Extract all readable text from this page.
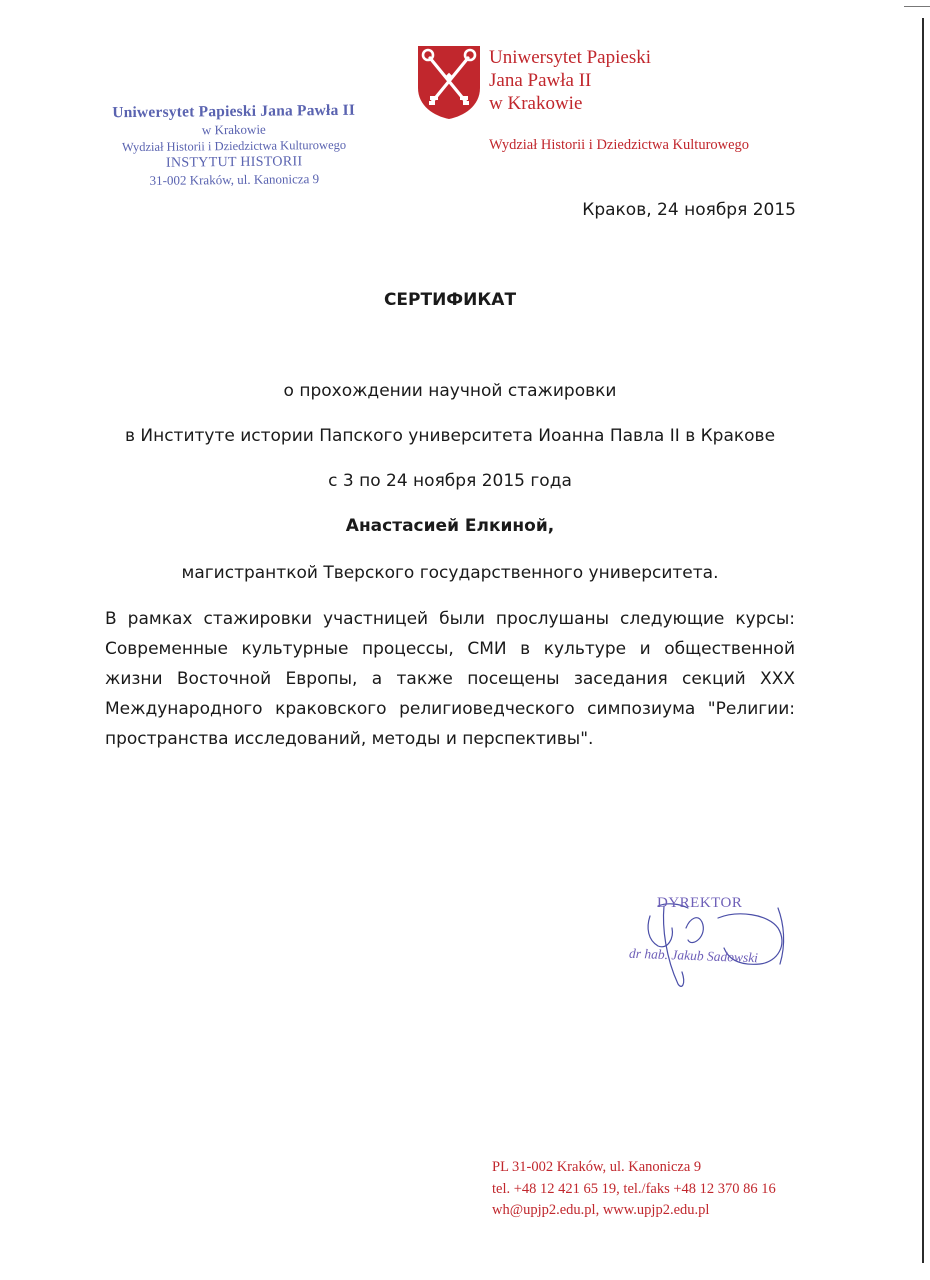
Uniwersytet Papieski Jana Pawła II
w Krakowie
Wydział Historii i Dziedzictwa Kulturowego
INSTYTUT HISTORII
31-002 Kraków, ul. Kanonicza 9
Uniwersytet Papieski
Jana Pawła II
w Krakowie
Wydział Historii i Dziedzictwa Kulturowego
Краков, 24 ноября 2015
СЕРТИФИКАТ
о прохождении научной стажировки
в Институте истории Папского университета Иоанна Павла II в Кракове
с 3 по 24 ноября 2015 года
Анастасией Елкиной,
магистранткой Тверского государственного университета.
В рамках стажировки участницей были прослушаны следующие курсы: Современные культурные процессы, СМИ в культуре и общественной жизни Восточной Европы, а также посещены заседания секций XXX Международного краковского религиоведческого симпозиума "Религии: пространства исследований, методы и перспективы".
DYREKTOR
dr hab. Jakub Sadowski
PL 31-002 Kraków, ul. Kanonicza 9
tel. +48 12 421 65 19, tel./faks +48 12 370 86 16
wh@upjp2.edu.pl, www.upjp2.edu.pl
